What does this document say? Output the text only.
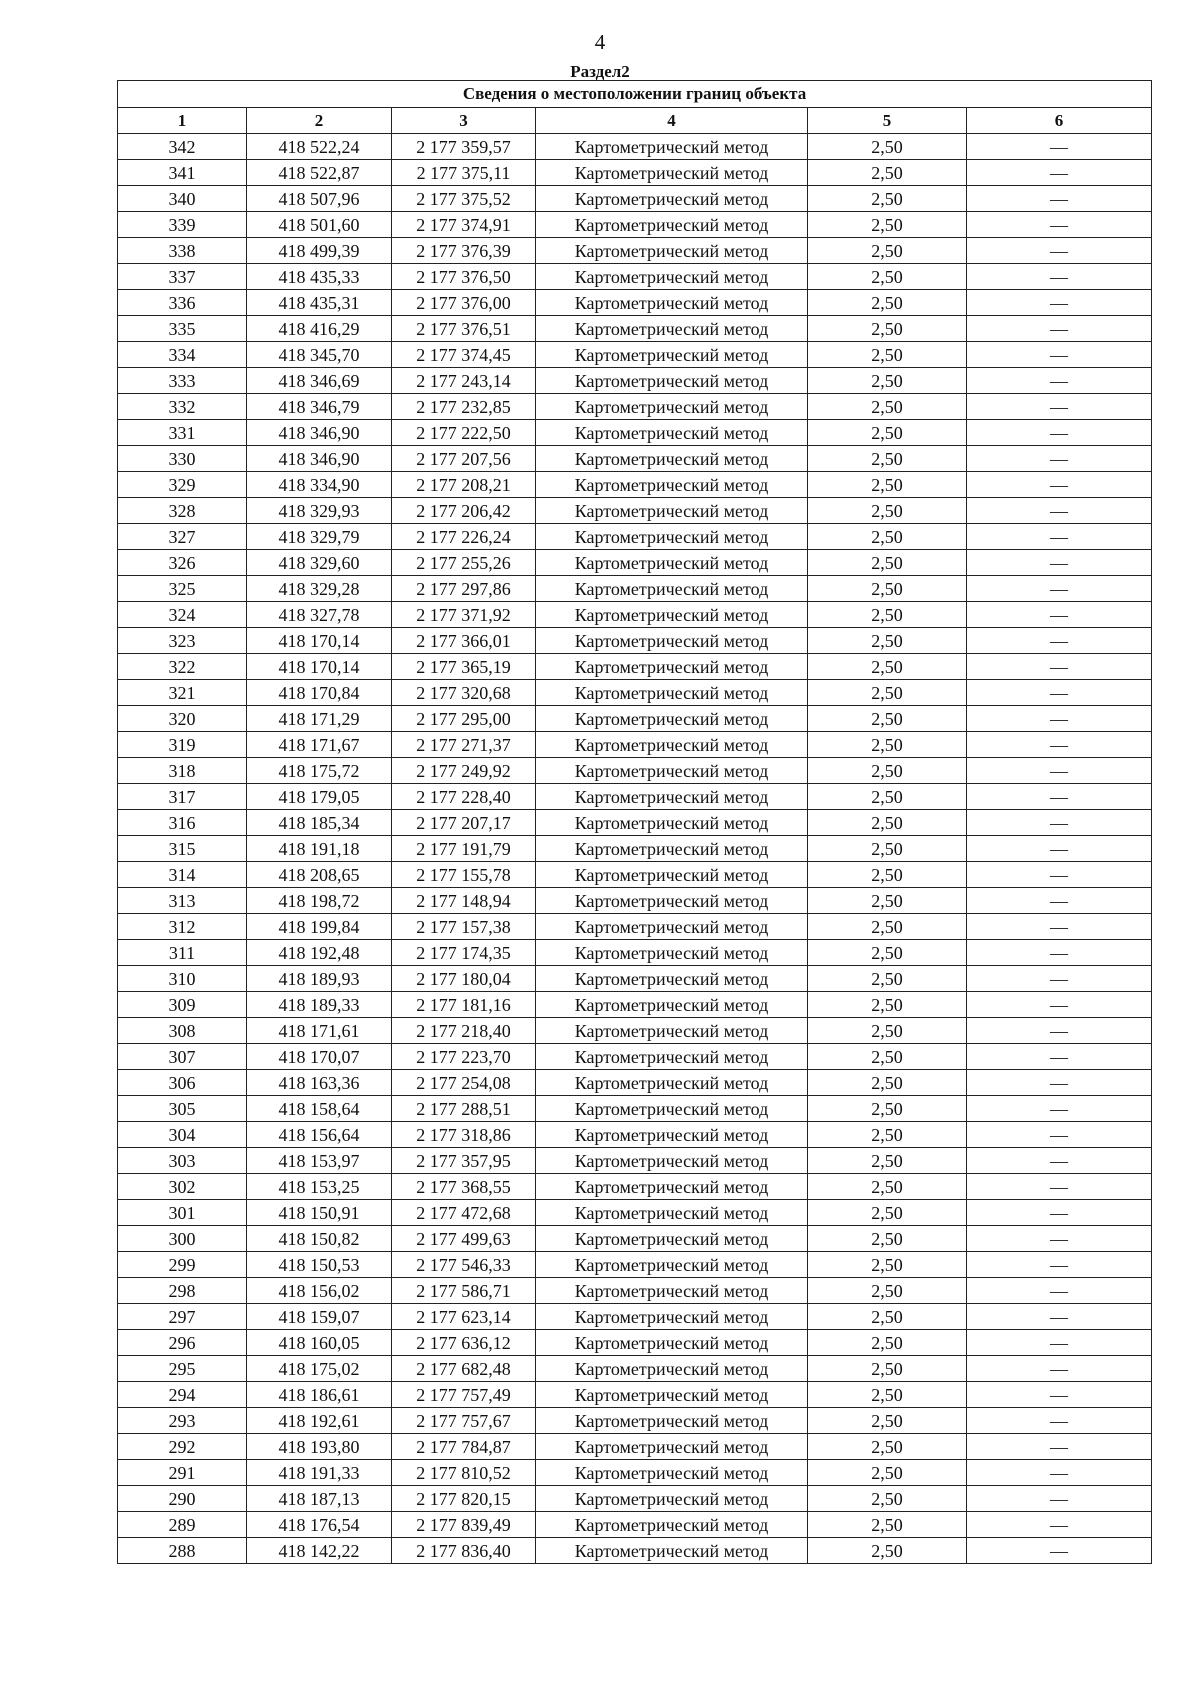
4
Раздел2
Сведения о местоположении границ объекта					
1	2	3	4	5	6
342	418 522,24	2 177 359,57	Картометрический метод	2,50	—
341	418 522,87	2 177 375,11	Картометрический метод	2,50	—
340	418 507,96	2 177 375,52	Картометрический метод	2,50	—
339	418 501,60	2 177 374,91	Картометрический метод	2,50	—
338	418 499,39	2 177 376,39	Картометрический метод	2,50	—
337	418 435,33	2 177 376,50	Картометрический метод	2,50	—
336	418 435,31	2 177 376,00	Картометрический метод	2,50	—
335	418 416,29	2 177 376,51	Картометрический метод	2,50	—
334	418 345,70	2 177 374,45	Картометрический метод	2,50	—
333	418 346,69	2 177 243,14	Картометрический метод	2,50	—
332	418 346,79	2 177 232,85	Картометрический метод	2,50	—
331	418 346,90	2 177 222,50	Картометрический метод	2,50	—
330	418 346,90	2 177 207,56	Картометрический метод	2,50	—
329	418 334,90	2 177 208,21	Картометрический метод	2,50	—
328	418 329,93	2 177 206,42	Картометрический метод	2,50	—
327	418 329,79	2 177 226,24	Картометрический метод	2,50	—
326	418 329,60	2 177 255,26	Картометрический метод	2,50	—
325	418 329,28	2 177 297,86	Картометрический метод	2,50	—
324	418 327,78	2 177 371,92	Картометрический метод	2,50	—
323	418 170,14	2 177 366,01	Картометрический метод	2,50	—
322	418 170,14	2 177 365,19	Картометрический метод	2,50	—
321	418 170,84	2 177 320,68	Картометрический метод	2,50	—
320	418 171,29	2 177 295,00	Картометрический метод	2,50	—
319	418 171,67	2 177 271,37	Картометрический метод	2,50	—
318	418 175,72	2 177 249,92	Картометрический метод	2,50	—
317	418 179,05	2 177 228,40	Картометрический метод	2,50	—
316	418 185,34	2 177 207,17	Картометрический метод	2,50	—
315	418 191,18	2 177 191,79	Картометрический метод	2,50	—
314	418 208,65	2 177 155,78	Картометрический метод	2,50	—
313	418 198,72	2 177 148,94	Картометрический метод	2,50	—
312	418 199,84	2 177 157,38	Картометрический метод	2,50	—
311	418 192,48	2 177 174,35	Картометрический метод	2,50	—
310	418 189,93	2 177 180,04	Картометрический метод	2,50	—
309	418 189,33	2 177 181,16	Картометрический метод	2,50	—
308	418 171,61	2 177 218,40	Картометрический метод	2,50	—
307	418 170,07	2 177 223,70	Картометрический метод	2,50	—
306	418 163,36	2 177 254,08	Картометрический метод	2,50	—
305	418 158,64	2 177 288,51	Картометрический метод	2,50	—
304	418 156,64	2 177 318,86	Картометрический метод	2,50	—
303	418 153,97	2 177 357,95	Картометрический метод	2,50	—
302	418 153,25	2 177 368,55	Картометрический метод	2,50	—
301	418 150,91	2 177 472,68	Картометрический метод	2,50	—
300	418 150,82	2 177 499,63	Картометрический метод	2,50	—
299	418 150,53	2 177 546,33	Картометрический метод	2,50	—
298	418 156,02	2 177 586,71	Картометрический метод	2,50	—
297	418 159,07	2 177 623,14	Картометрический метод	2,50	—
296	418 160,05	2 177 636,12	Картометрический метод	2,50	—
295	418 175,02	2 177 682,48	Картометрический метод	2,50	—
294	418 186,61	2 177 757,49	Картометрический метод	2,50	—
293	418 192,61	2 177 757,67	Картометрический метод	2,50	—
292	418 193,80	2 177 784,87	Картометрический метод	2,50	—
291	418 191,33	2 177 810,52	Картометрический метод	2,50	—
290	418 187,13	2 177 820,15	Картометрический метод	2,50	—
289	418 176,54	2 177 839,49	Картометрический метод	2,50	—
288	418 142,22	2 177 836,40	Картометрический метод	2,50	—
